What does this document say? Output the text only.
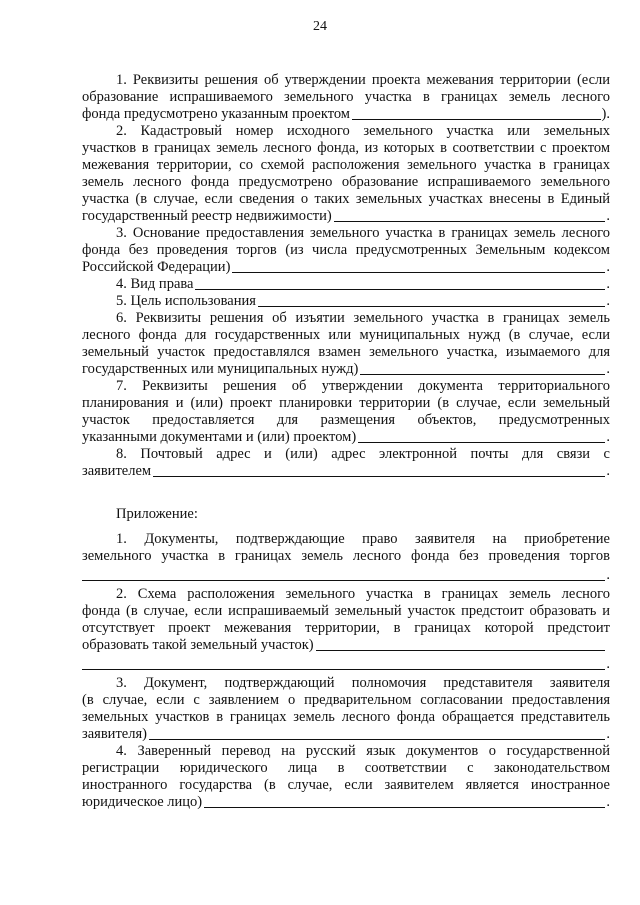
24

1. Реквизиты решения об утверждении проекта межевания территории (если

образование испрашиваемого земельного участка в границах земель лесного

фонда предусмотрено указанным проектом	).

2. Кадастровый номер исходного земельного участка или земельных

участков в границах земель лесного фонда, из которых в соответствии с проектом

межевания территории, со схемой расположения земельного участка в границах

земель лесного фонда предусмотрено образование испрашиваемого земельного

участка (в случае, если сведения о таких земельных участках внесены в Единый

государственный реестр недвижимости)	.

3. Основание предоставления земельного участка в границах земель лесного

фонда без проведения торгов (из числа предусмотренных Земельным кодексом

Российской Федерации)	.
4. Вид права	.
5. Цель использования	.

6. Реквизиты решения об изъятии земельного участка в границах земель

лесного фонда для государственных или муниципальных нужд (в случае, если

земельный участок предоставлялся взамен земельного участка, изымаемого для

государственных или муниципальных нужд)	.

7. Реквизиты решения об утверждении документа территориального

планирования и (или) проект планировки территории (в случае, если земельный

участок предоставляется для размещения объектов, предусмотренных

указанными документами и (или) проектом)	.

8. Почтовый адрес и (или) адрес электронной почты для связи с

заявителем	.

Приложение:

1. Документы, подтверждающие право заявителя на приобретение

земельного участка в границах земель лесного фонда без проведения торгов

.

2. Схема расположения земельного участка в границах земель лесного

фонда (в случае, если испрашиваемый земельный участок предстоит образовать и

отсутствует проект межевания территории, в границах которой предстоит

образовать такой земельный участок)
.

3. Документ, подтверждающий полномочия представителя заявителя

(в случае, если с заявлением о предварительном согласовании предоставления

земельных участков в границах земель лесного фонда обращается представитель

заявителя)	.

4. Заверенный перевод на русский язык документов о государственной

регистрации юридического лица в соответствии с законодательством

иностранного государства (в случае, если заявителем является иностранное

юридическое лицо)	.
